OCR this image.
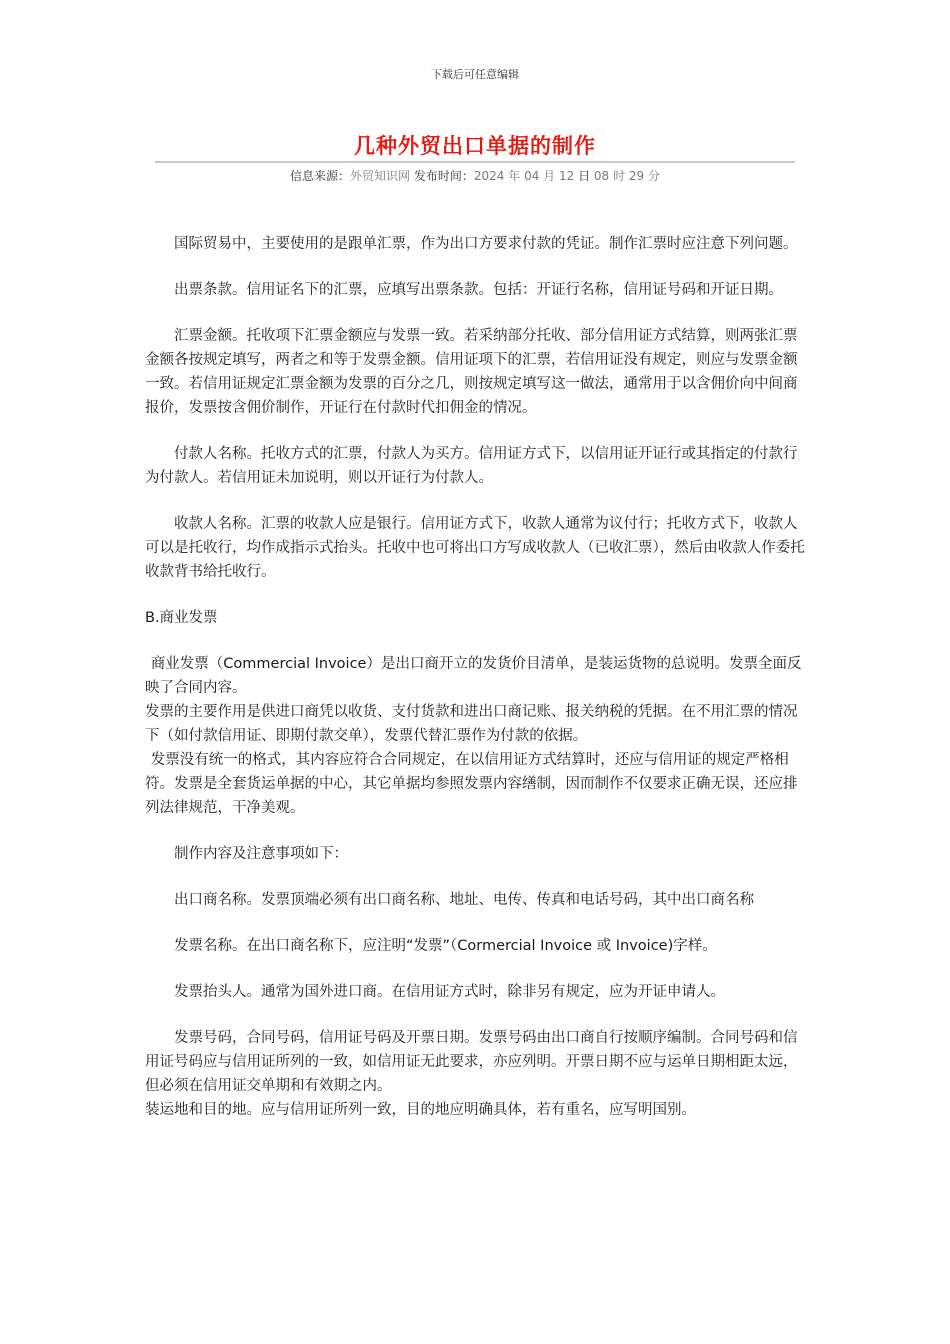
下载后可任意编辑
几种外贸出口单据的制作
信息来源：外贸知识网 发布时间：2024 年 04 月 12 日 08 时 29 分

国际贸易中，主要使用的是跟单汇票，作为出口方要求付款的凭证。制作汇票时应注意下列问题。

出票条款。信用证名下的汇票，应填写出票条款。包括：开证行名称，信用证号码和开证日期。

汇票金额。托收项下汇票金额应与发票一致。若采纳部分托收、部分信用证方式结算，则两张汇票金额各按规定填写，两者之和等于发票金额。信用证项下的汇票，若信用证没有规定，则应与发票金额一致。若信用证规定汇票金额为发票的百分之几，则按规定填写这一做法，通常用于以含佣价向中间商报价，发票按含佣价制作，开证行在付款时代扣佣金的情况。

付款人名称。托收方式的汇票，付款人为买方。信用证方式下，以信用证开证行或其指定的付款行为付款人。若信用证未加说明，则以开证行为付款人。

收款人名称。汇票的收款人应是银行。信用证方式下，收款人通常为议付行；托收方式下，收款人可以是托收行，均作成指示式抬头。托收中也可将出口方写成收款人（已收汇票），然后由收款人作委托收款背书给托收行。

B.商业发票

商业发票（Commercial Invoice）是出口商开立的发货价目清单，是装运货物的总说明。发票全面反映了合同内容。

发票的主要作用是供进口商凭以收货、支付货款和进出口商记账、报关纳税的凭据。在不用汇票的情况下（如付款信用证、即期付款交单），发票代替汇票作为付款的依据。

发票没有统一的格式，其内容应符合合同规定，在以信用证方式结算时，还应与信用证的规定严格相符。发票是全套货运单据的中心，其它单据均参照发票内容缮制，因而制作不仅要求正确无误，还应排列法律规范，干净美观。

制作内容及注意事项如下：

出口商名称。发票顶端必须有出口商名称、地址、电传、传真和电话号码，其中出口商名称

发票名称。在出口商名称下，应注明“发票”（Cormercial Invoice 或 Invoice)字样。

发票抬头人。通常为国外进口商。在信用证方式时，除非另有规定，应为开证申请人。

发票号码，合同号码，信用证号码及开票日期。发票号码由出口商自行按顺序编制。合同号码和信用证号码应与信用证所列的一致，如信用证无此要求，亦应列明。开票日期不应与运单日期相距太远，但必须在信用证交单期和有效期之内。

装运地和目的地。应与信用证所列一致，目的地应明确具体，若有重名，应写明国别。
